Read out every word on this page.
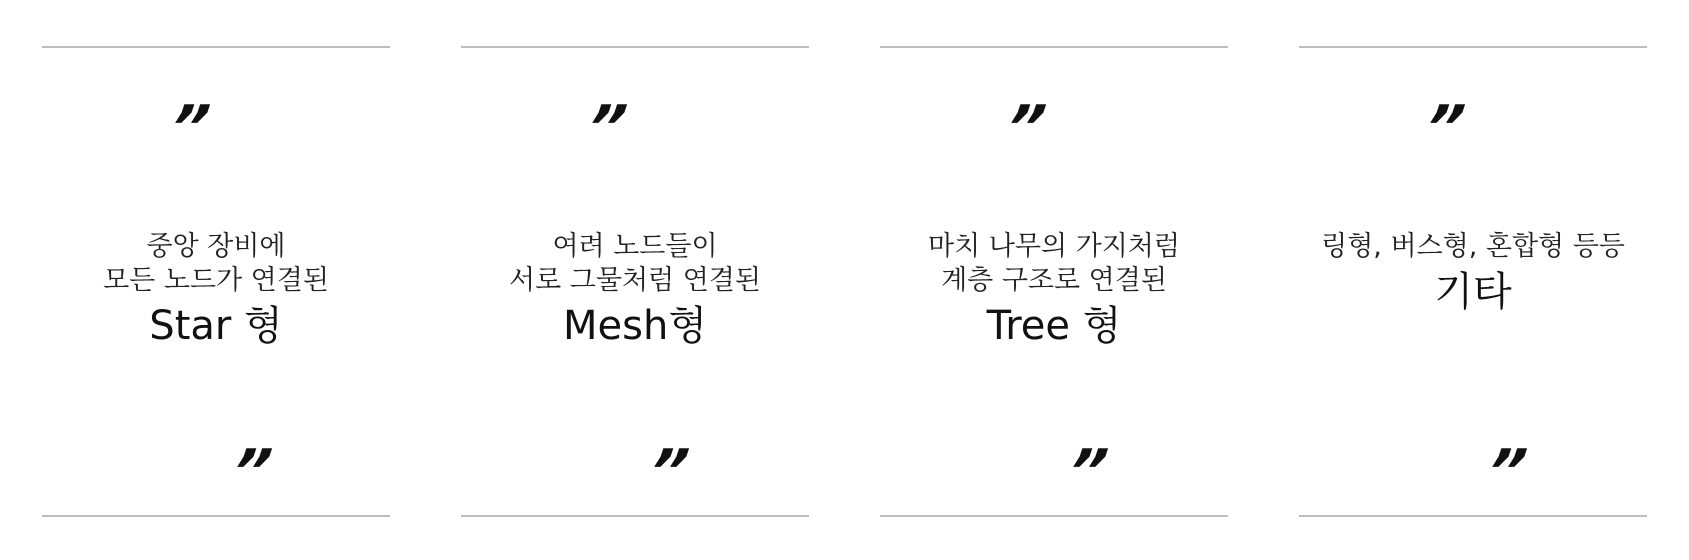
”
중앙 장비에
모든 노드가 연결된
Star 형
”
”
여려 노드들이
서로 그물처럼 연결된
Mesh형
”
”
마치 나무의 가지처럼
계층 구조로 연결된
Tree 형
”
”
링형, 버스형, 혼합형 등등
기타
”
